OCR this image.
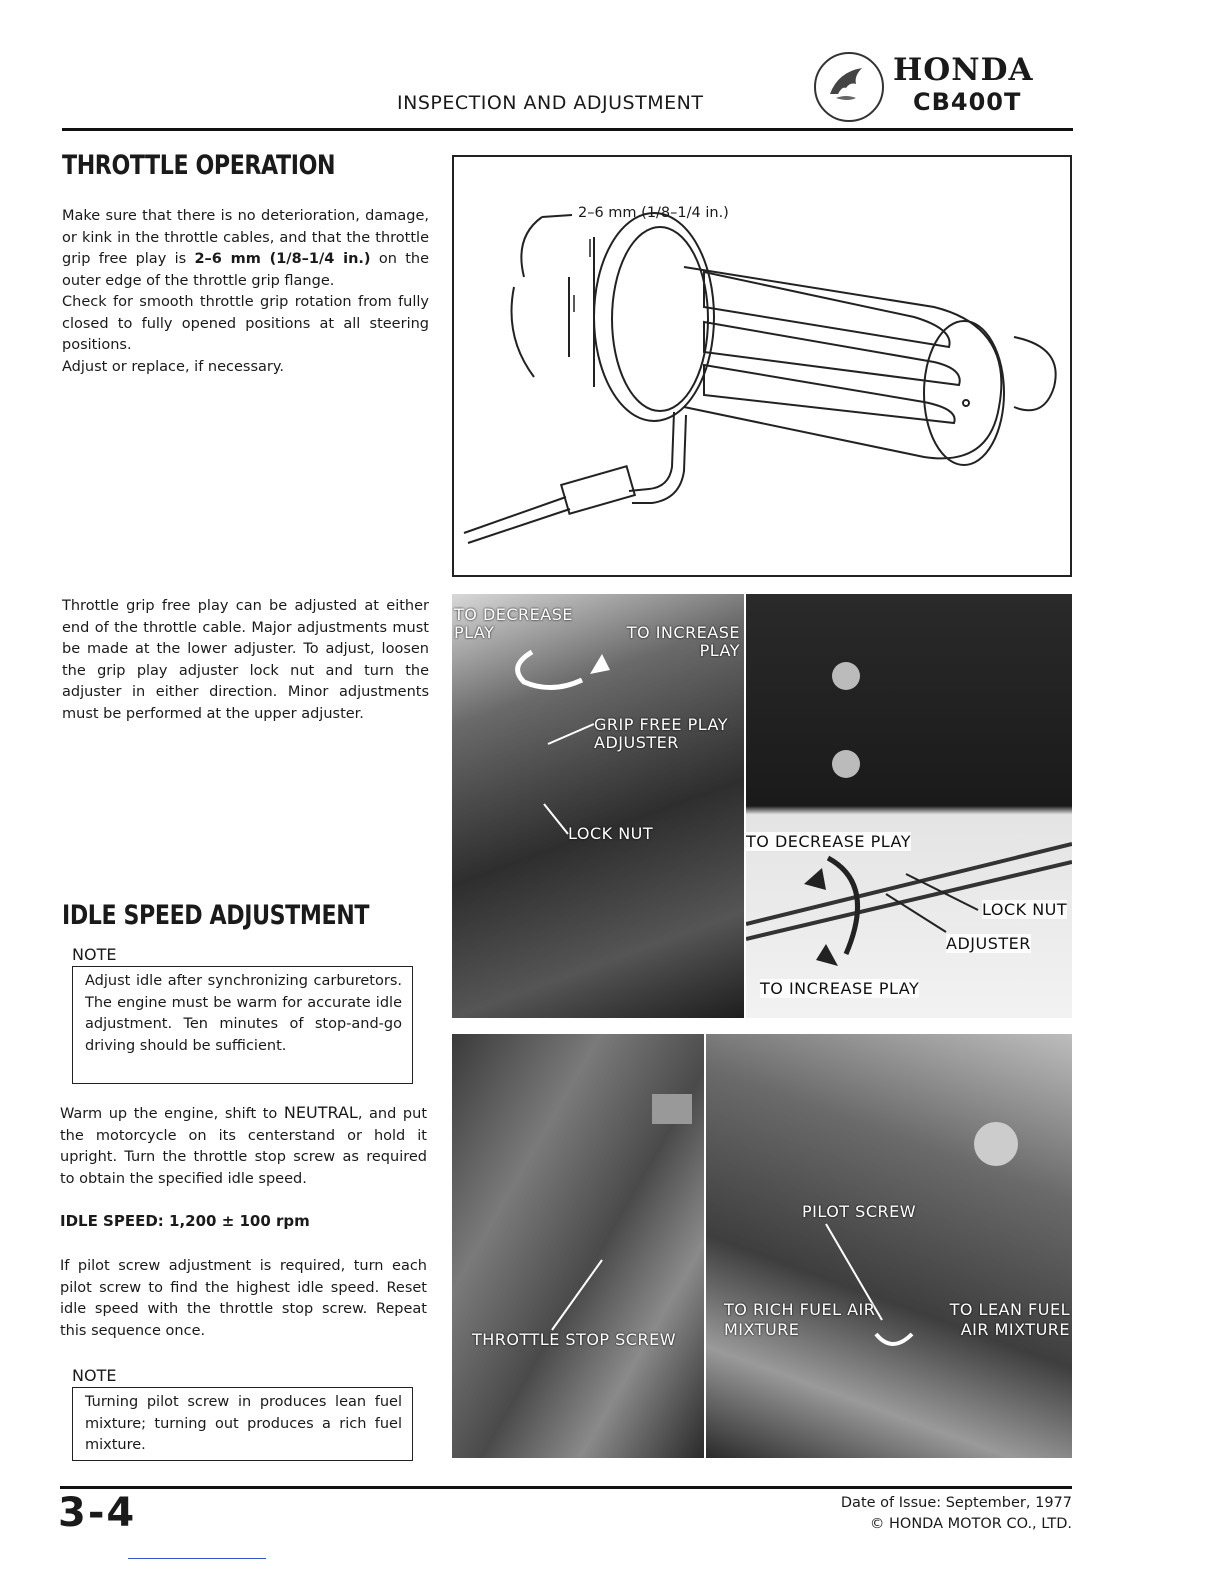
INSPECTION AND ADJUSTMENT
HONDA
CB400T
THROTTLE OPERATION
Make sure that there is no deterioration, damage, or kink in the throttle cables, and that the throttle grip free play is 2–6 mm (1/8–1/4 in.) on the outer edge of the throttle grip flange.
Check for smooth throttle grip rotation from fully closed to fully opened positions at all steering positions.
Adjust or replace, if necessary.
2–6 mm (1/8–1/4 in.)
Throttle grip free play can be adjusted at either end of the throttle cable. Major adjustments must be made at the lower adjuster. To adjust, loosen the grip play adjuster lock nut and turn the adjuster in either direction. Minor adjustments must be performed at the upper adjuster.
TO DECREASE PLAY	TO INCREASE PLAY
GRIP FREE PLAY ADJUSTER
LOCK NUT	TO DECREASE PLAY
LOCK NUT
ADJUSTER
TO INCREASE PLAY
IDLE SPEED ADJUSTMENT
NOTE
Adjust idle after synchronizing carburetors. The engine must be warm for accurate idle adjustment. Ten minutes of stop-and-go driving should be sufficient.
Warm up the engine, shift to NEUTRAL, and put the motorcycle on its centerstand or hold it upright. Turn the throttle stop screw as required to obtain the specified idle speed.
IDLE SPEED: 1,200 ± 100 rpm
If pilot screw adjustment is required, turn each pilot screw to find the highest idle speed. Reset idle speed with the throttle stop screw. Repeat this sequence once.
NOTE
Turning pilot screw in produces lean fuel mixture; turning out produces a rich fuel mixture.
THROTTLE STOP SCREW
PILOT SCREW
TO RICH FUEL AIR MIXTURE
TO LEAN FUEL AIR MIXTURE
3-4	Date of Issue: September, 1977
© HONDA MOTOR CO., LTD.
